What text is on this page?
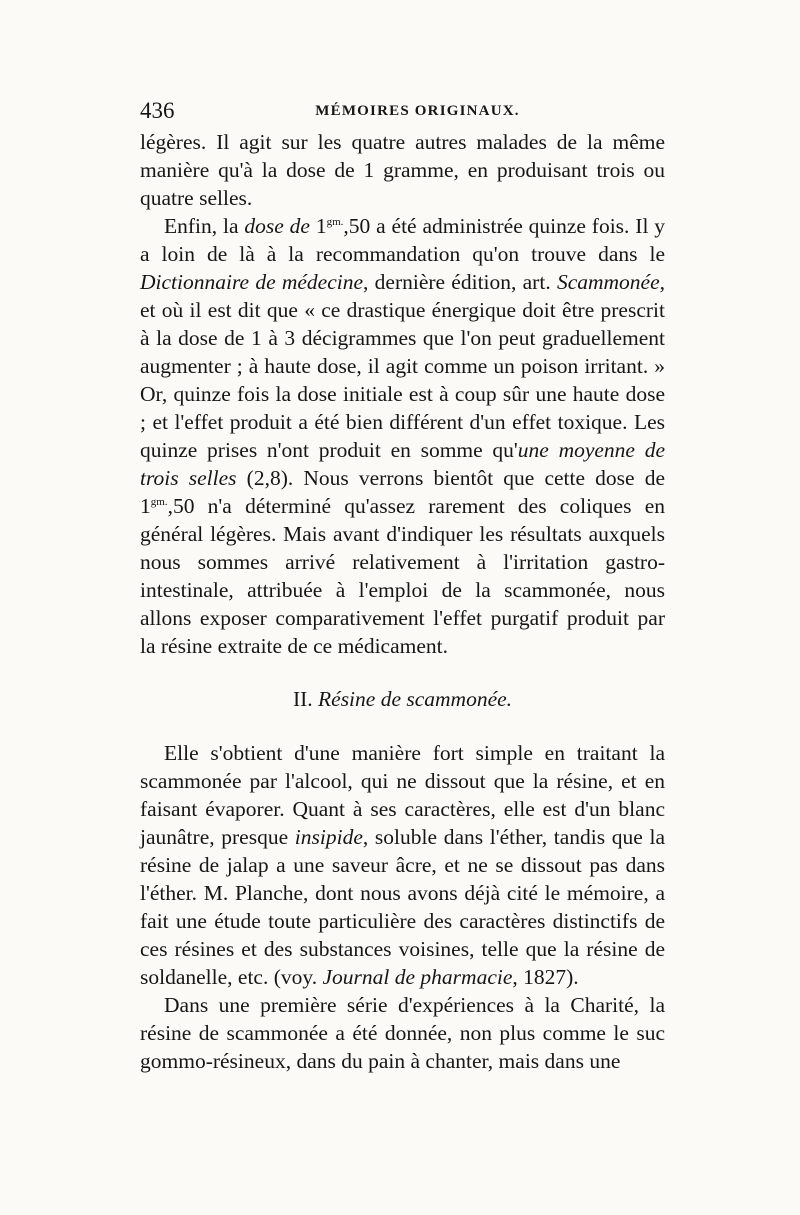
436	MÉMOIRES ORIGINAUX.

légères. Il agit sur les quatre autres malades de la même manière qu'à la dose de 1 gramme, en produisant trois ou quatre selles.

Enfin, la dose de $1^{gm.},50$ a été administrée quinze fois. Il y a loin de là à la recommandation qu'on trouve dans le Dictionnaire de médecine, dernière édition, art. Scammonée, et où il est dit que « ce drastique énergique doit être prescrit à la dose de 1 à 3 décigrammes que l'on peut graduellement augmenter ; à haute dose, il agit comme un poison irritant. » Or, quinze fois la dose initiale est à coup sûr une haute dose ; et l'effet produit a été bien différent d'un effet toxique. Les quinze prises n'ont produit en somme qu'une moyenne de trois selles (2,8). Nous verrons bientôt que cette dose de $1^{gm.},50$ n'a déterminé qu'assez rarement des coliques en général légères. Mais avant d'indiquer les résultats auxquels nous sommes arrivé relativement à l'irritation gastro-intestinale, attribuée à l'emploi de la scammonée, nous allons exposer comparativement l'effet purgatif produit par la résine extraite de ce médicament.

II. Résine de scammonée.

Elle s'obtient d'une manière fort simple en traitant la scammonée par l'alcool, qui ne dissout que la résine, et en faisant évaporer. Quant à ses caractères, elle est d'un blanc jaunâtre, presque insipide, soluble dans l'éther, tandis que la résine de jalap a une saveur âcre, et ne se dissout pas dans l'éther. M. Planche, dont nous avons déjà cité le mémoire, a fait une étude toute particulière des caractères distinctifs de ces résines et des substances voisines, telle que la résine de soldanelle, etc. (voy. Journal de pharmacie, 1827).

Dans une première série d'expériences à la Charité, la résine de scammonée a été donnée, non plus comme le suc gommo-résineux, dans du pain à chanter, mais dans une
